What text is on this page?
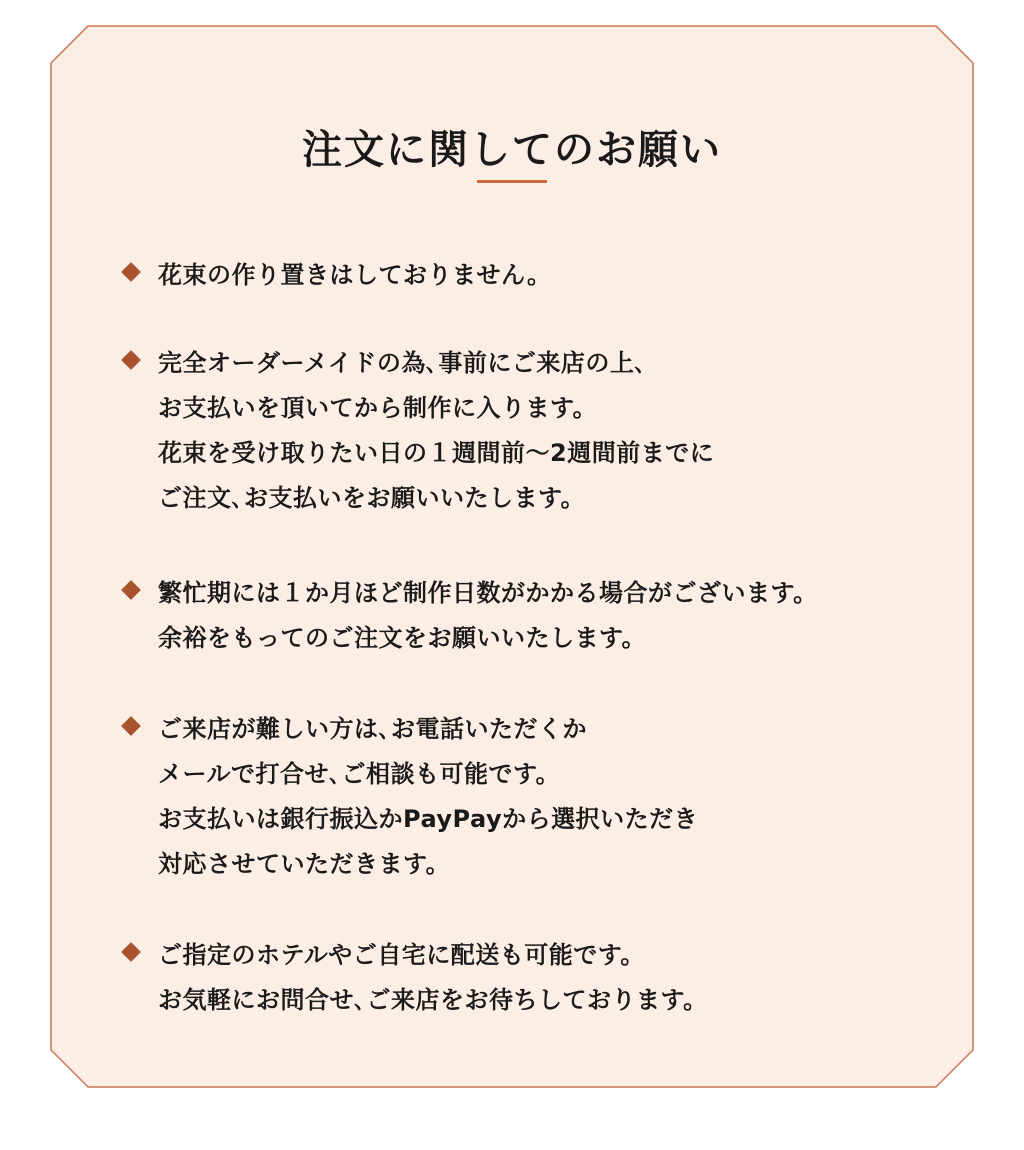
注文に関してのお願い
花束の作り置きはしておりません。
完全オーダーメイドの為､事前にご来店の上､
お支払いを頂いてから制作に入ります。
花束を受け取りたい日の１週間前～2週間前までに
ご注文､お支払いをお願いいたします。
繁忙期には１か月ほど制作日数がかかる場合がございます。
余裕をもってのご注文をお願いいたします。
ご来店が難しい方は､お電話いただくか
メールで打合せ､ご相談も可能です。
お支払いは銀行振込かPayPayから選択いただき
対応させていただきます。
ご指定のホテルやご自宅に配送も可能です。
お気軽にお問合せ､ご来店をお待ちしております。
